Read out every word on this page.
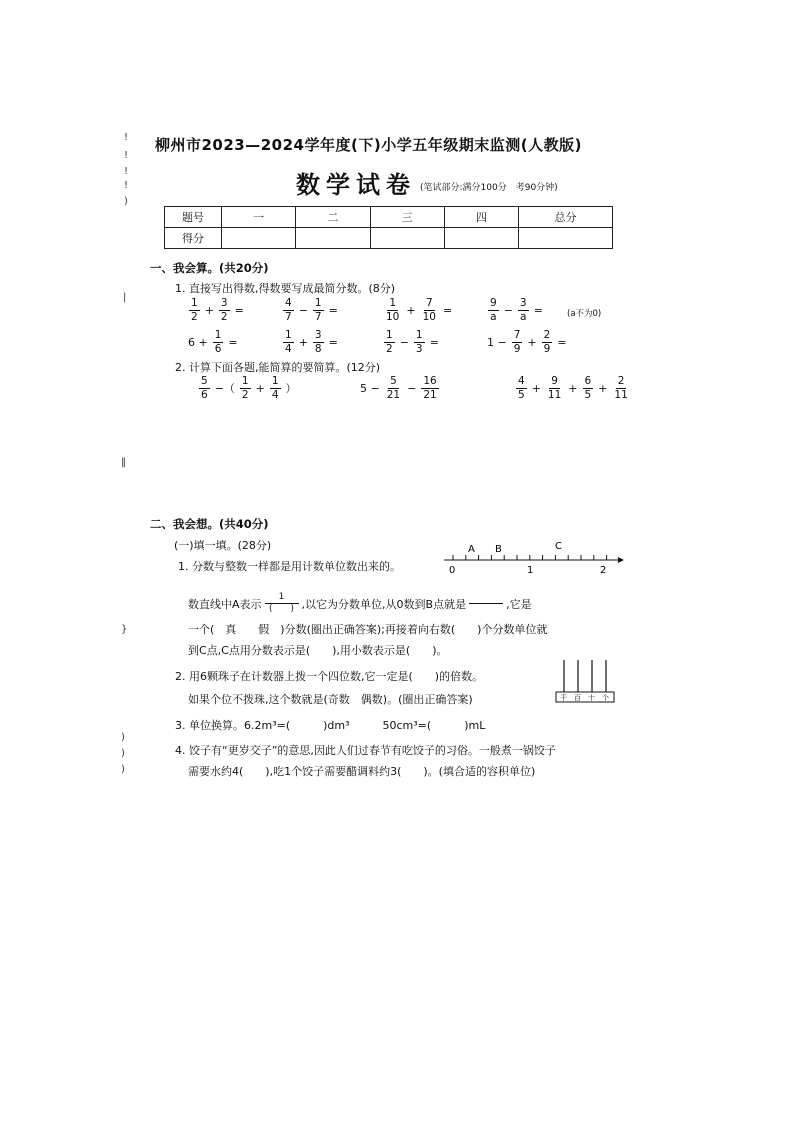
柳州市2023—2024学年度(下)小学五年级期末监测(人教版)
数学试卷 (笔试部分:满分100分　考90分钟)
题号	一	二	三	四	总分
得分					
一、我会算。(共20分)
1. 直接写出得数,得数要写成最简分数。(8分)
$\frac{1}{2} + \frac{3}{2}$ =	$\frac{4}{7} - \frac{1}{7}$ =	$\frac{1}{10} + \frac{7}{10}$ =	$\frac{9}{a} - \frac{3}{a}$ =	(a不为0)
$6 + \frac{1}{6}$ =	$\frac{1}{4} + \frac{3}{8}$ =	$\frac{1}{2} - \frac{1}{3}$ =	$1 - \frac{7}{9} + \frac{2}{9}$ =
2. 计算下面各题,能简算的要简算。(12分)
$\frac{5}{6}$ −（ $\frac{1}{2} + \frac{1}{4}$ ）	$5 - \frac{5}{21} - \frac{16}{21}$	$\frac{4}{5} + \frac{9}{11} + \frac{6}{5} + \frac{2}{11}$
二、我会想。(共40分)
(一)填一填。(28分)
1. 分数与整数一样都是用计数单位数出来的。
A B	C
0	1	2
数直线中A表示 $\frac{1}{( )}$ ,以它为分数单位,从0数到B点就是

	,它是
一个(　真　　假　)分数(圈出正确答案);再接着向右数(　　)个分数单位就
到C点,C点用分数表示是(　　),用小数表示是(　　)。
2. 用6颗珠子在计数器上拨一个四位数,它一定是(　　)的倍数。
如果个位不拨珠,这个数就是(奇数　偶数)。(圈出正确答案)	千 百 十 个
3. 单位换算。6.2m³=(　　　)dm³　　　50cm³=(　　　)mL
4. 饺子有“更岁交子”的意思,因此人们过春节有吃饺子的习俗。一般煮一锅饺子
需要水约4(　　),吃1个饺子需要醋调料约3(　　)。(填合适的容积单位)
!
!
!
!
)
|
‖
}
)
)
)
